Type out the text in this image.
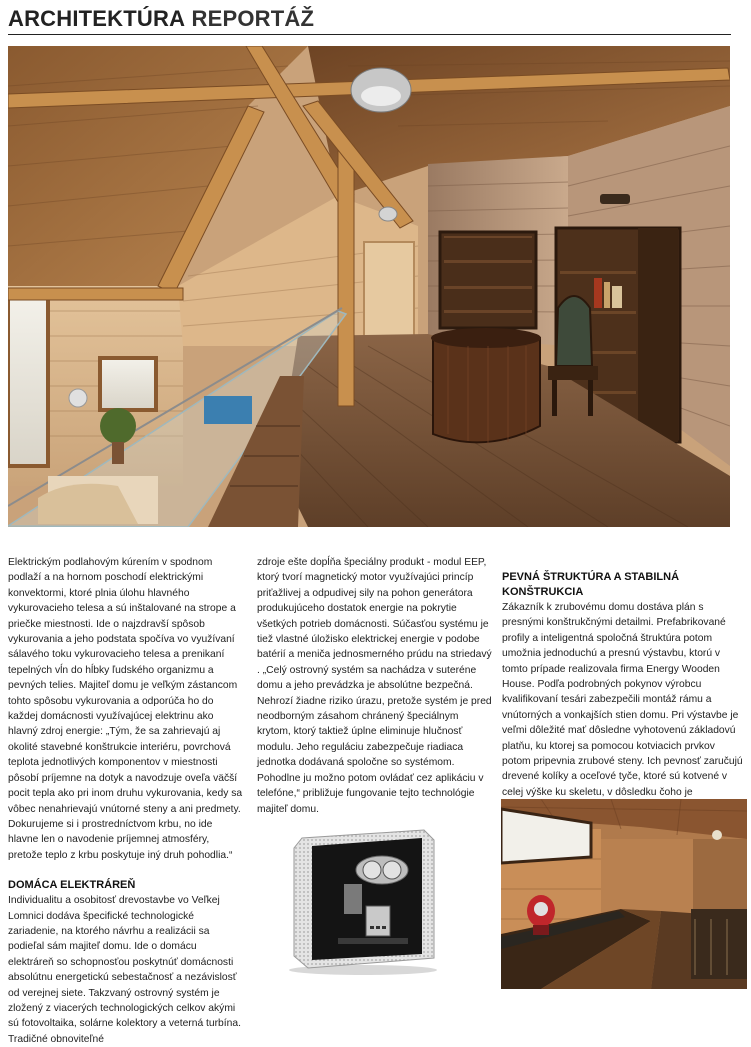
ARCHITEKTÚRA REPORTÁŽ

Elektrickým podlahovým kúrením v spodnom podlaží a na hornom poschodí elektrickými konvektormi, ktoré plnia úlohu hlavného vykurovacieho telesa a sú inštalované na strope a priečke miestnosti. Ide o najzdravší spôsob vykurovania a jeho podstata spočíva vo využívaní sálavého toku vykurovacieho telesa a prenikaní tepelných vĺn do hĺbky ľudského organizmu a pevných telies. Majiteľ domu je veľkým zástancom tohto spôsobu vykurovania a odporúča ho do každej domácnosti využívajúcej elektrinu ako hlavný zdroj energie: „Tým, že sa zahrievajú aj okolité stavebné konštrukcie interiéru, povrchová teplota jednotlivých komponentov v miestnosti pôsobí príjemne na dotyk a navodzuje oveľa väčší pocit tepla ako pri inom druhu vykurovania, kedy sa vôbec nenahrievajú vnútorné steny a ani predmety. Dokurujeme si i prostredníctvom krbu, no ide hlavne len o navodenie príjemnej atmosféry, pretože teplo z krbu poskytuje iný druh pohodlia.“

DOMÁCA ELEKTRÁREŇ

Individualitu a osobitosť drevostavbe vo Veľkej Lomnici dodáva špecifické technologické zariadenie, na ktorého návrhu a realizácii sa podieľal sám majiteľ domu. Ide o domácu elektráreň so schopnosťou poskytnúť domácnosti absolútnu energetickú sebestačnosť a nezávislosť od verejnej siete. Takzvaný ostrovný systém je zložený z viacerých technologických celkov akými sú fotovoltaika, solárne kolektory a veterná turbína. Tradičné obnoviteľné

zdroje ešte dopĺňa špeciálny produkt - modul EEP, ktorý tvorí magnetický motor využívajúci princíp priťažlivej a odpudivej sily na pohon generátora produkujúceho dostatok energie na pokrytie všetkých potrieb domácnosti. Súčasťou systému je tiež vlastné úložisko elektrickej energie v podobe batérií a meniča jednosmerného prúdu na striedavý . „Celý ostrovný systém sa nachádza v suteréne domu a jeho prevádzka je absolútne bezpečná. Nehrozí žiadne riziko úrazu, pretože systém je pred neodborným zásahom chránený špeciálnym krytom, ktorý taktiež úplne eliminuje hlučnosť modulu. Jeho reguláciu zabezpečuje riadiaca jednotka dodávaná spoločne so systémom. Pohodlne ju možno potom ovládať cez aplikáciu v telefóne,“ približuje fungovanie tejto technológie majiteľ domu.

PEVNÁ ŠTRUKTÚRA A STABILNÁ KONŠTRUKCIA

Zákazník k zrubovému domu dostáva plán s presnými konštrukčnými detailmi. Prefabrikované profily a inteligentná spoločná štruktúra potom umožnia jednoduchú a presnú výstavbu, ktorú v tomto prípade realizovala firma Energy Wooden House. Podľa podrobných pokynov výrobcu kvalifikovaní tesári zabezpečili montáž rámu a vnútorných a vonkajších stien domu. Pri výstavbe je veľmi dôležité mať dôsledne vyhotovenú základovú platňu, ku ktorej sa pomocou kotviacich prvkov potom pripevnia zrubové steny. Ich pevnosť zaručujú drevené kolíky a oceľové tyče, ktoré sú kotvené v celej výške ku skeletu, v dôsledku čoho je
